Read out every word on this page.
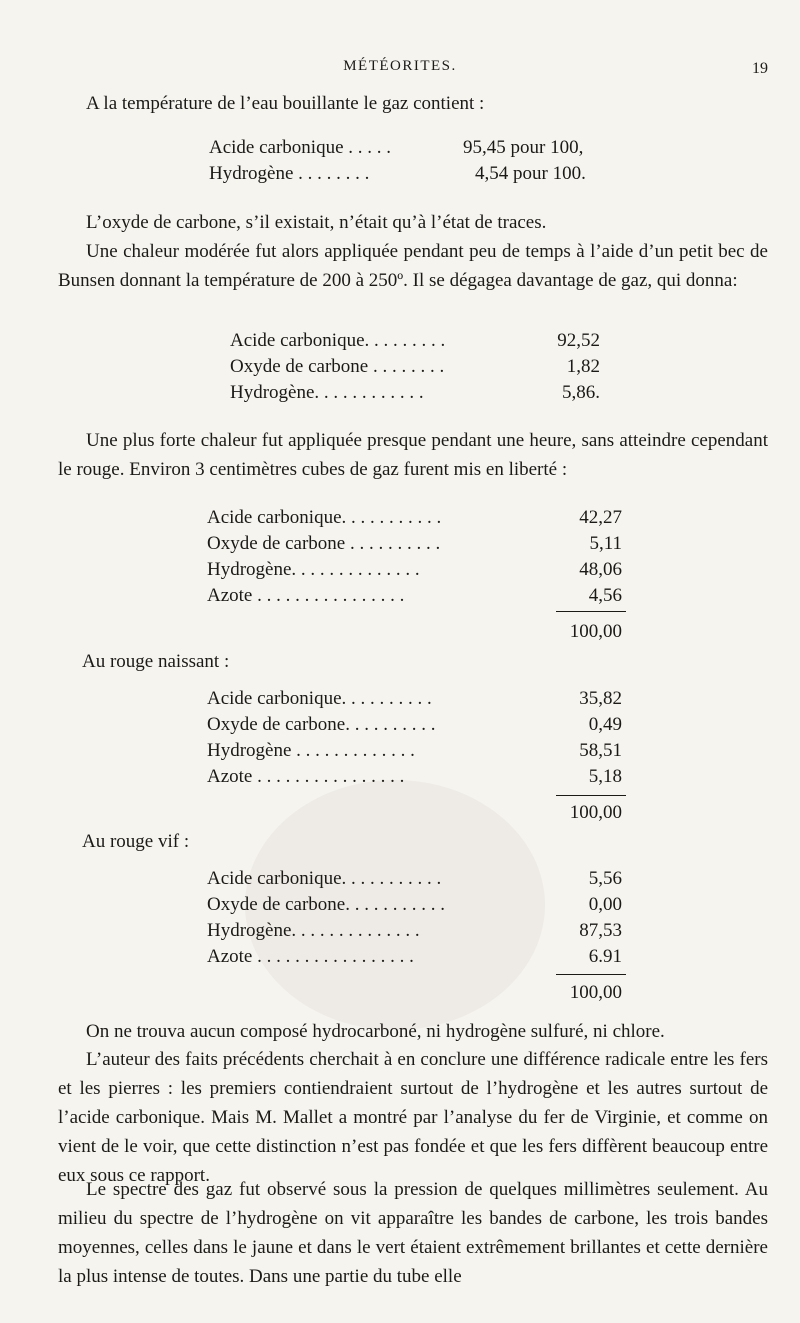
MÉTÉORITES.	19

A la température de l’eau bouillante le gaz contient :

Acide carbonique . . . . .	95,45 pour 100,
Hydrogène . . . . . . . .	4,54 pour 100.

L’oxyde de carbone, s’il existait, n’était qu’à l’état de traces.

Une chaleur modérée fut alors appliquée pendant peu de temps à l’aide d’un petit bec de Bunsen donnant la température de 200 à 250º. Il se dégagea davantage de gaz, qui donna:

Acide carbonique. . . . . . . . .	92,52
Oxyde de carbone . . . . . . . .	1,82
Hydrogène. . . . . . . . . . . .	5,86.

Une plus forte chaleur fut appliquée presque pendant une heure, sans atteindre cependant le rouge. Environ 3 centimètres cubes de gaz furent mis en liberté :

Acide carbonique. . . . . . . . . . .	42,27
Oxyde de carbone . . . . . . . . . .	5,11
Hydrogène. . . . . . . . . . . . . .	48,06
Azote . . . . . . . . . . . . . . . .	4,56
100,00

Au rouge naissant :

Acide carbonique. . . . . . . . . .	35,82
Oxyde de carbone. . . . . . . . . .	0,49
Hydrogène . . . . . . . . . . . . .	58,51
Azote . . . . . . . . . . . . . . . .	5,18
100,00

Au rouge vif :

Acide carbonique. . . . . . . . . . .	5,56
Oxyde de carbone. . . . . . . . . . .	0,00
Hydrogène. . . . . . . . . . . . . .	87,53
Azote . . . . . . . . . . . . . . . . .	6.91
100,00

On ne trouva aucun composé hydrocarboné, ni hydrogène sulfuré, ni chlore.

L’auteur des faits précédents cherchait à en conclure une différence radicale entre les fers et les pierres : les premiers contiendraient surtout de l’hydrogène et les autres surtout de l’acide carbonique. Mais M. Mallet a montré par l’analyse du fer de Virginie, et comme on vient de le voir, que cette distinction n’est pas fondée et que les fers diffèrent beaucoup entre eux sous ce rapport.

Le spectre des gaz fut observé sous la pression de quelques millimètres seulement. Au milieu du spectre de l’hydrogène on vit apparaître les bandes de carbone, les trois bandes moyennes, celles dans le jaune et dans le vert étaient extrêmement brillantes et cette dernière la plus intense de toutes. Dans une partie du tube elle
